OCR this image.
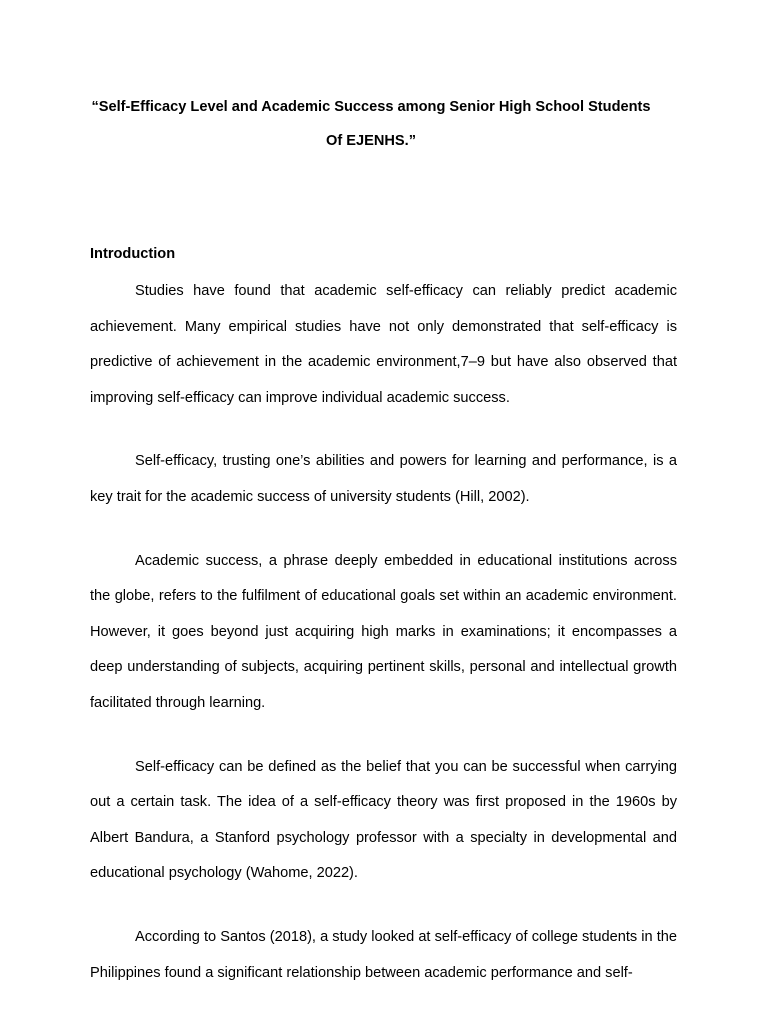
“Self-Efficacy Level and Academic Success among Senior High School Students
Of EJENHS.”

Introduction

Studies have found that academic self-efficacy can reliably predict academic achievement. Many empirical studies have not only demonstrated that self-efficacy is predictive of achievement in the academic environment,7–9 but have also observed that improving self-efficacy can improve individual academic success.

Self-efficacy, trusting one’s abilities and powers for learning and performance, is a key trait for the academic success of university students (Hill, 2002).

Academic success, a phrase deeply embedded in educational institutions across the globe, refers to the fulfilment of educational goals set within an academic environment. However, it goes beyond just acquiring high marks in examinations; it encompasses a deep understanding of subjects, acquiring pertinent skills, personal and intellectual growth facilitated through learning.

Self-efficacy can be defined as the belief that you can be successful when carrying out a certain task. The idea of a self-efficacy theory was first proposed in the 1960s by Albert Bandura, a Stanford psychology professor with a specialty in developmental and educational psychology (Wahome, 2022).

According to Santos (2018), a study looked at self-efficacy of college students in the Philippines found a significant relationship between academic performance and self-
